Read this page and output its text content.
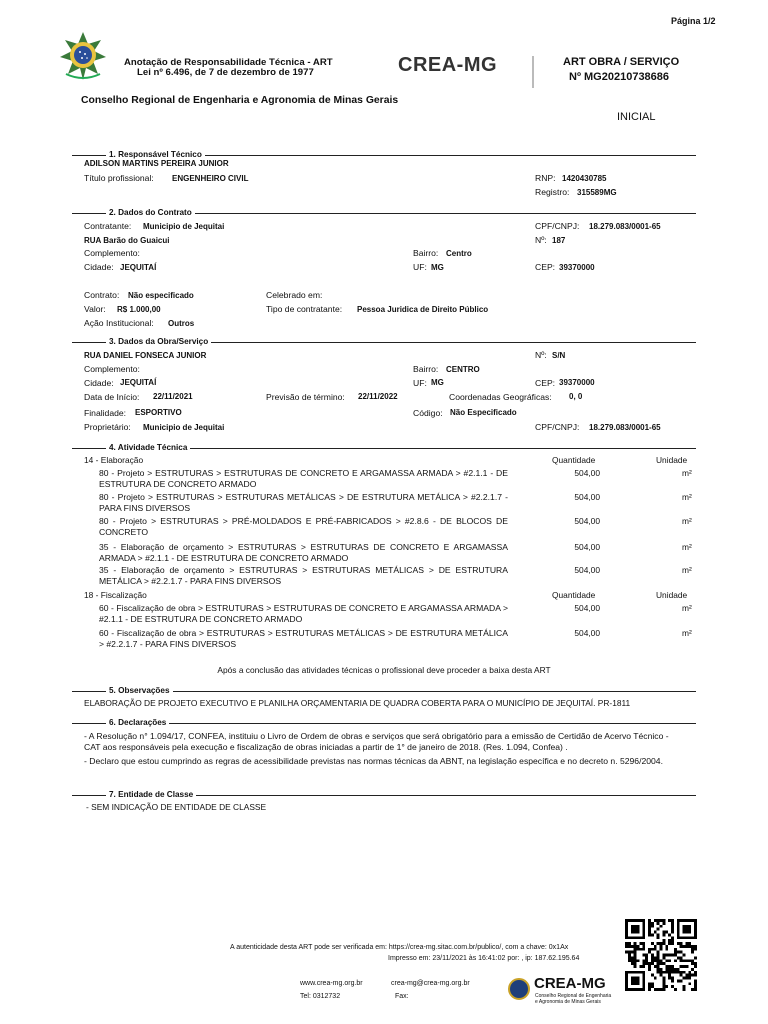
Página 1/2
Anotação de Responsabilidade Técnica - ART
Lei nº 6.496, de 7 de dezembro de 1977	CREA-MG	ART OBRA / SERVIÇO
Nº MG20210738686
Conselho Regional de Engenharia e Agronomia de Minas Gerais
INICIAL
1. Responsável Técnico
ADILSON MARTINS PEREIRA JUNIOR
Título profissional: ENGENHEIRO CIVIL	RNP: 1420430785
Registro: 315589MG
2. Dados do Contrato
Contratante: Municipio de Jequitai	CPF/CNPJ: 18.279.083/0001-65
RUA Barão do Guaicui	Nº: 187
Complemento:	Bairro: Centro
Cidade: JEQUITAÍ	UF: MG	CEP: 39370000
Contrato: Não especificado	Celebrado em:
Valor: R$ 1.000,00	Tipo de contratante: Pessoa Juridica de Direito Público
Ação Institucional: Outros
3. Dados da Obra/Serviço
RUA DANIEL FONSECA JUNIOR	Nº: S/N
Complemento:	Bairro: CENTRO
Cidade: JEQUITAÍ	UF: MG	CEP: 39370000
Data de Início: 22/11/2021	Previsão de término: 22/11/2022	Coordenadas Geográficas: 0, 0
Finalidade: ESPORTIVO	Código: Não Especificado
Proprietário: Municipio de Jequitai	CPF/CNPJ: 18.279.083/0001-65
4. Atividade Técnica
14 - Elaboração	Quantidade	Unidade
80 - Projeto > ESTRUTURAS > ESTRUTURAS DE CONCRETO E ARGAMASSA ARMADA > #2.1.1 - DE ESTRUTURA DE CONCRETO ARMADO
504,00	m²
80 - Projeto > ESTRUTURAS > ESTRUTURAS METÁLICAS > DE ESTRUTURA METÁLICA > #2.2.1.7 - PARA FINS DIVERSOS
504,00	m²
80 - Projeto > ESTRUTURAS > PRÉ-MOLDADOS E PRÉ-FABRICADOS > #2.8.6 - DE BLOCOS DE CONCRETO
504,00	m²
35 - Elaboração de orçamento > ESTRUTURAS > ESTRUTURAS DE CONCRETO E ARGAMASSA ARMADA > #2.1.1 - DE ESTRUTURA DE CONCRETO ARMADO
504,00	m²
35 - Elaboração de orçamento > ESTRUTURAS > ESTRUTURAS METÁLICAS > DE ESTRUTURA METÁLICA > #2.2.1.7 - PARA FINS DIVERSOS
504,00	m²
18 - Fiscalização	Quantidade	Unidade
60 - Fiscalização de obra > ESTRUTURAS > ESTRUTURAS DE CONCRETO E ARGAMASSA ARMADA > #2.1.1 - DE ESTRUTURA DE CONCRETO ARMADO
504,00	m²
60 - Fiscalização de obra > ESTRUTURAS > ESTRUTURAS METÁLICAS > DE ESTRUTURA METÁLICA > #2.2.1.7 - PARA FINS DIVERSOS
504,00	m²
Após a conclusão das atividades técnicas o profissional deve proceder a baixa desta ART
5. Observações
ELABORAÇÃO DE PROJETO EXECUTIVO E PLANILHA ORÇAMENTARIA DE QUADRA COBERTA PARA O MUNICÍPIO DE JEQUITAÍ. PR-1811
6. Declarações
- A Resolução n° 1.094/17, CONFEA, instituiu o Livro de Ordem de obras e serviços que será obrigatório para a emissão de Certidão de Acervo Técnico - CAT aos responsáveis pela execução e fiscalização de obras iniciadas a partir de 1° de janeiro de 2018. (Res. 1.094, Confea) .
- Declaro que estou cumprindo as regras de acessibilidade previstas nas normas técnicas da ABNT, na legislação específica e no decreto n. 5296/2004.
7. Entidade de Classe
- SEM INDICAÇÃO DE ENTIDADE DE CLASSE
A autenticidade desta ART pode ser verificada em: https://crea-mg.sitac.com.br/publico/, com a chave: 0x1Ax
Impresso em: 23/11/2021 às 16:41:02 por: , ip: 187.62.195.64
www.crea-mg.org.br	crea-mg@crea-mg.org.br
Tel: 0312732	Fax:
CREA-MG
Conselho Regional de Engenharia
e Agronomia de Minas Gerais
